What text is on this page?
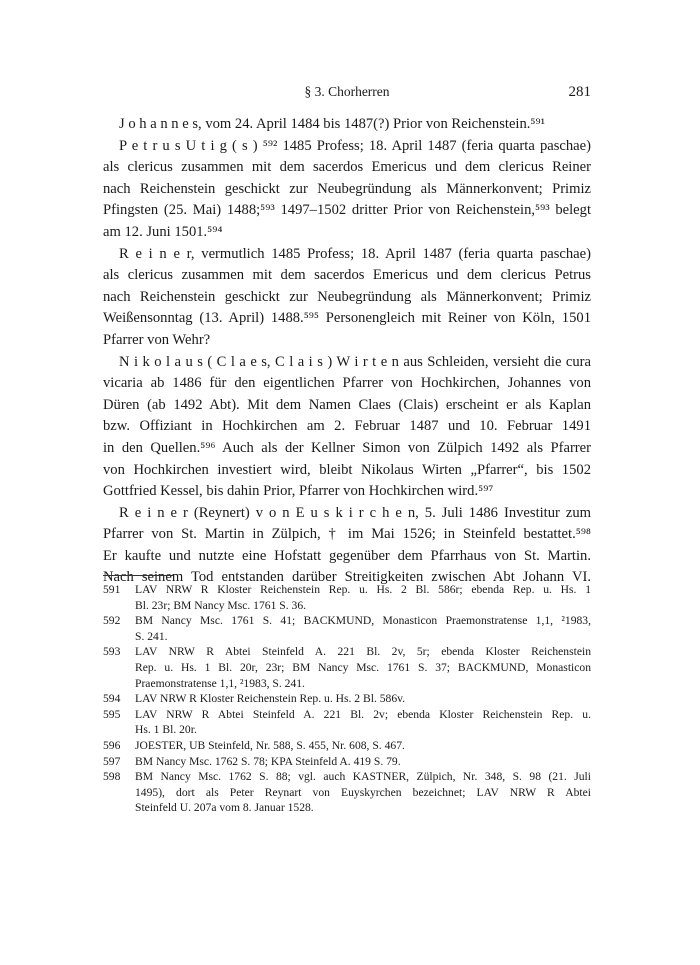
§ 3. Chorherren	281
J o h a n n e s, vom 24. April 1484 bis 1487(?) Prior von Reichenstein.⁵⁹¹
P e t r u s U t i g ( s ) ⁵⁹² 1485 Profess; 18. April 1487 (feria quarta paschae)
als clericus zusammen mit dem sacerdos Emericus und dem clericus Reiner
nach Reichenstein geschickt zur Neubegründung als Männerkonvent; Primiz
Pfingsten (25. Mai) 1488;⁵⁹³ 1497–1502 dritter Prior von Reichenstein,⁵⁹³ belegt
am 12. Juni 1501.⁵⁹⁴
R e i n e r, vermutlich 1485 Profess; 18. April 1487 (feria quarta paschae)
als clericus zusammen mit dem sacerdos Emericus und dem clericus Petrus
nach Reichenstein geschickt zur Neubegründung als Männerkonvent; Primiz
Weißensonntag (13. April) 1488.⁵⁹⁵ Personengleich mit Reiner von Köln, 1501
Pfarrer von Wehr?
N i k o l a u s ( C l a e s, C l a i s ) W i r t e n aus Schleiden, versieht die cura
vicaria ab 1486 für den eigentlichen Pfarrer von Hochkirchen, Johannes von
Düren (ab 1492 Abt). Mit dem Namen Claes (Clais) erscheint er als Kaplan
bzw. Offiziant in Hochkirchen am 2. Februar 1487 und 10. Februar 1491
in den Quellen.⁵⁹⁶ Auch als der Kellner Simon von Zülpich 1492 als Pfarrer
von Hochkirchen investiert wird, bleibt Nikolaus Wirten „Pfarrer“, bis 1502
Gottfried Kessel, bis dahin Prior, Pfarrer von Hochkirchen wird.⁵⁹⁷
R e i n e r (Reynert) v o n E u s k i r c h e n, 5. Juli 1486 Investitur zum
Pfarrer von St. Martin in Zülpich, † im Mai 1526; in Steinfeld bestattet.⁵⁹⁸
Er kaufte und nutzte eine Hofstatt gegenüber dem Pfarrhaus von St. Martin.
Nach seinem Tod entstanden darüber Streitigkeiten zwischen Abt Johann VI.
591 LAV NRW R Kloster Reichenstein Rep. u. Hs. 2 Bl. 586r; ebenda Rep. u. Hs. 1
Bl. 23r; BM Nancy Msc. 1761 S. 36.
592 BM Nancy Msc. 1761 S. 41; BACKMUND, Monasticon Praemonstratense 1,1, ²1983,
S. 241.
593 LAV NRW R Abtei Steinfeld A. 221 Bl. 2v, 5r; ebenda Kloster Reichenstein
Rep. u. Hs. 1 Bl. 20r, 23r; BM Nancy Msc. 1761 S. 37; BACKMUND, Monasticon
Praemonstratense 1,1, ²1983, S. 241.
594 LAV NRW R Kloster Reichenstein Rep. u. Hs. 2 Bl. 586v.
595 LAV NRW R Abtei Steinfeld A. 221 Bl. 2v; ebenda Kloster Reichenstein Rep. u.
Hs. 1 Bl. 20r.
596 JOESTER, UB Steinfeld, Nr. 588, S. 455, Nr. 608, S. 467.
597 BM Nancy Msc. 1762 S. 78; KPA Steinfeld A. 419 S. 79.
598 BM Nancy Msc. 1762 S. 88; vgl. auch KASTNER, Zülpich, Nr. 348, S. 98 (21. Juli
1495), dort als Peter Reynart von Euyskyrchen bezeichnet; LAV NRW R Abtei
Steinfeld U. 207a vom 8. Januar 1528.
